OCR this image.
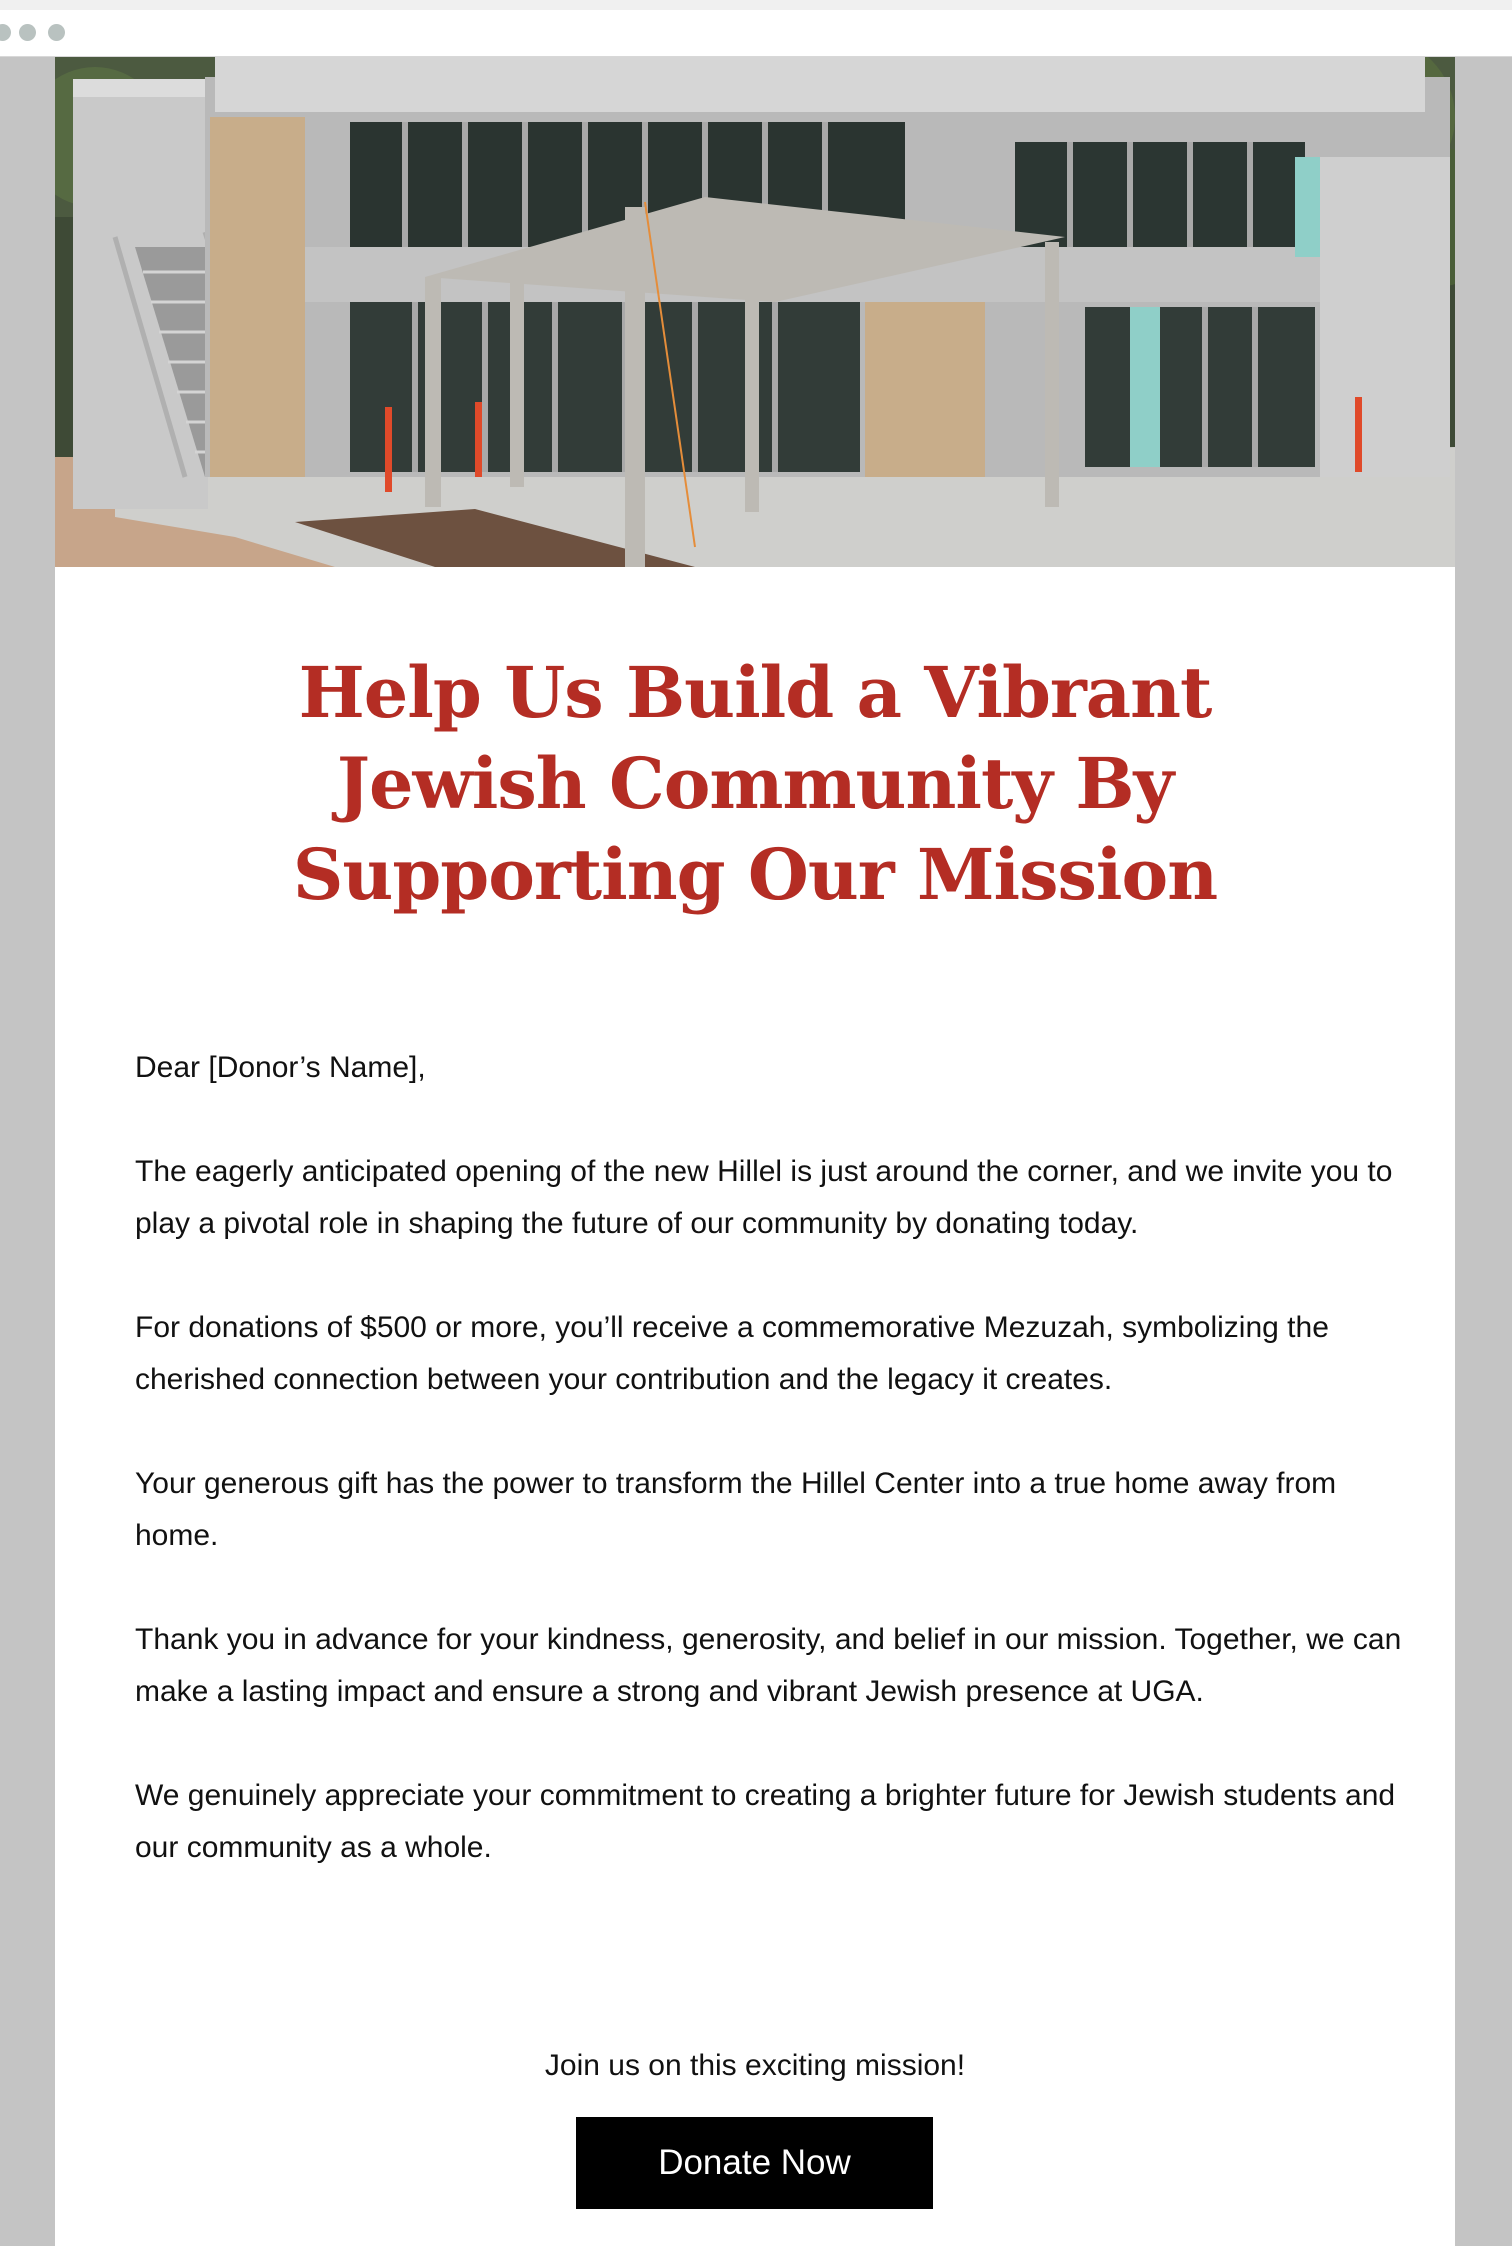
Help Us Build a Vibrant Jewish Community By Supporting Our Mission

Dear [Donor’s Name],

The eagerly anticipated opening of the new Hillel is just around the corner, and we invite you to play a pivotal role in shaping the future of our community by donating today.

For donations of $500 or more, you’ll receive a commemorative Mezuzah, symbolizing the cherished connection between your contribution and the legacy it creates.

Your generous gift has the power to transform the Hillel Center into a true home away from home.

Thank you in advance for your kindness, generosity, and belief in our mission. Together, we can make a lasting impact and ensure a strong and vibrant Jewish presence at UGA.

We genuinely appreciate your commitment to creating a brighter future for Jewish students and our community as a whole.

Join us on this exciting mission!

Donate Now
